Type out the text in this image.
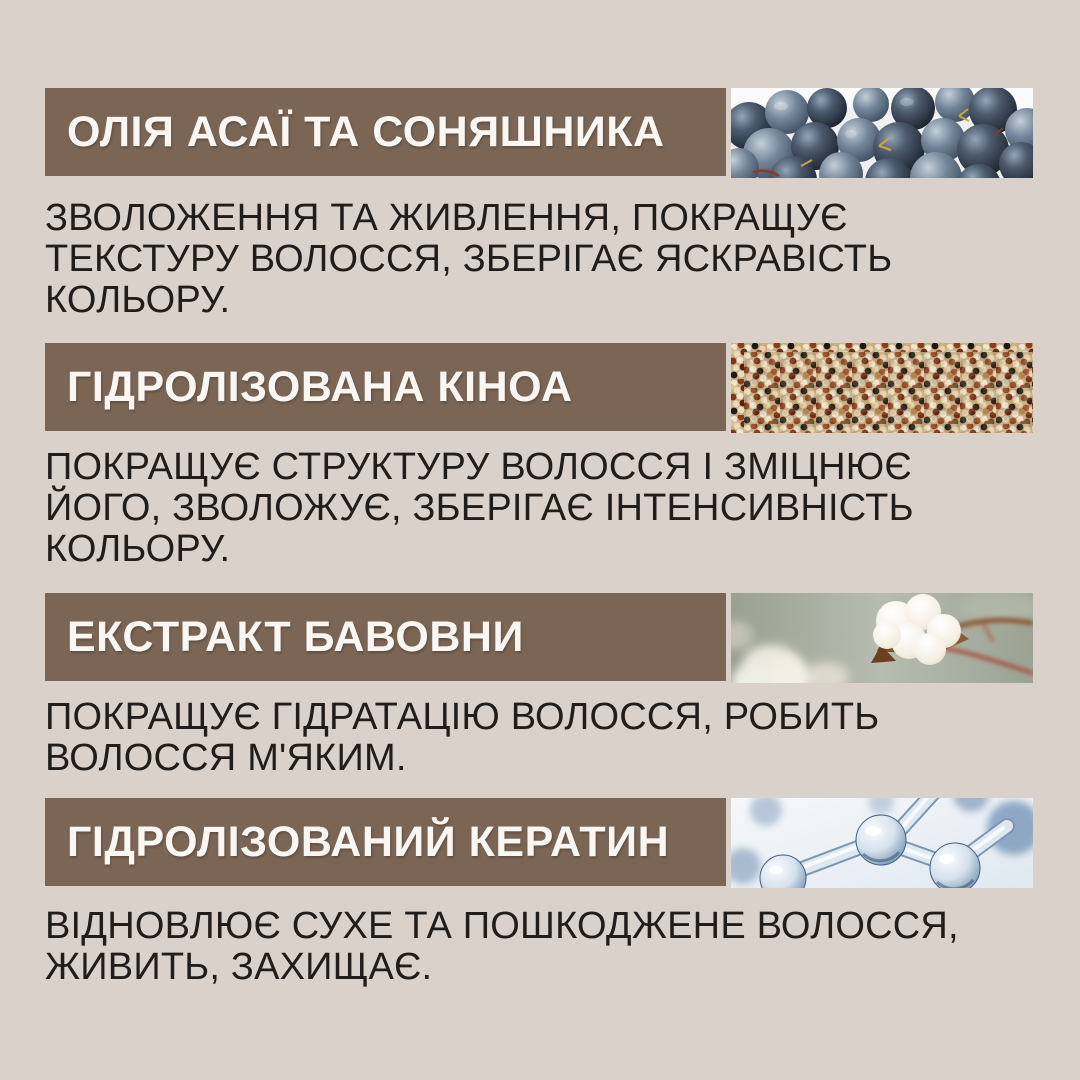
ОЛІЯ АСАЇ ТА СОНЯШНИКА
ЗВОЛОЖЕННЯ ТА ЖИВЛЕННЯ, ПОКРАЩУЄ
ТЕКСТУРУ ВОЛОССЯ, ЗБЕРІГАЄ ЯСКРАВІСТЬ
КОЛЬОРУ.
ГІДРОЛІЗОВАНА КІНОА
ПОКРАЩУЄ СТРУКТУРУ ВОЛОССЯ І ЗМІЦНЮЄ
ЙОГО, ЗВОЛОЖУЄ, ЗБЕРІГАЄ ІНТЕНСИВНІСТЬ
КОЛЬОРУ.
ЕКСТРАКТ БАВОВНИ
ПОКРАЩУЄ ГІДРАТАЦІЮ ВОЛОССЯ, РОБИТЬ
ВОЛОССЯ М'ЯКИМ.
ГІДРОЛІЗОВАНИЙ КЕРАТИН
ВІДНОВЛЮЄ СУХЕ ТА ПОШКОДЖЕНЕ ВОЛОССЯ,
ЖИВИТЬ, ЗАХИЩАЄ.
